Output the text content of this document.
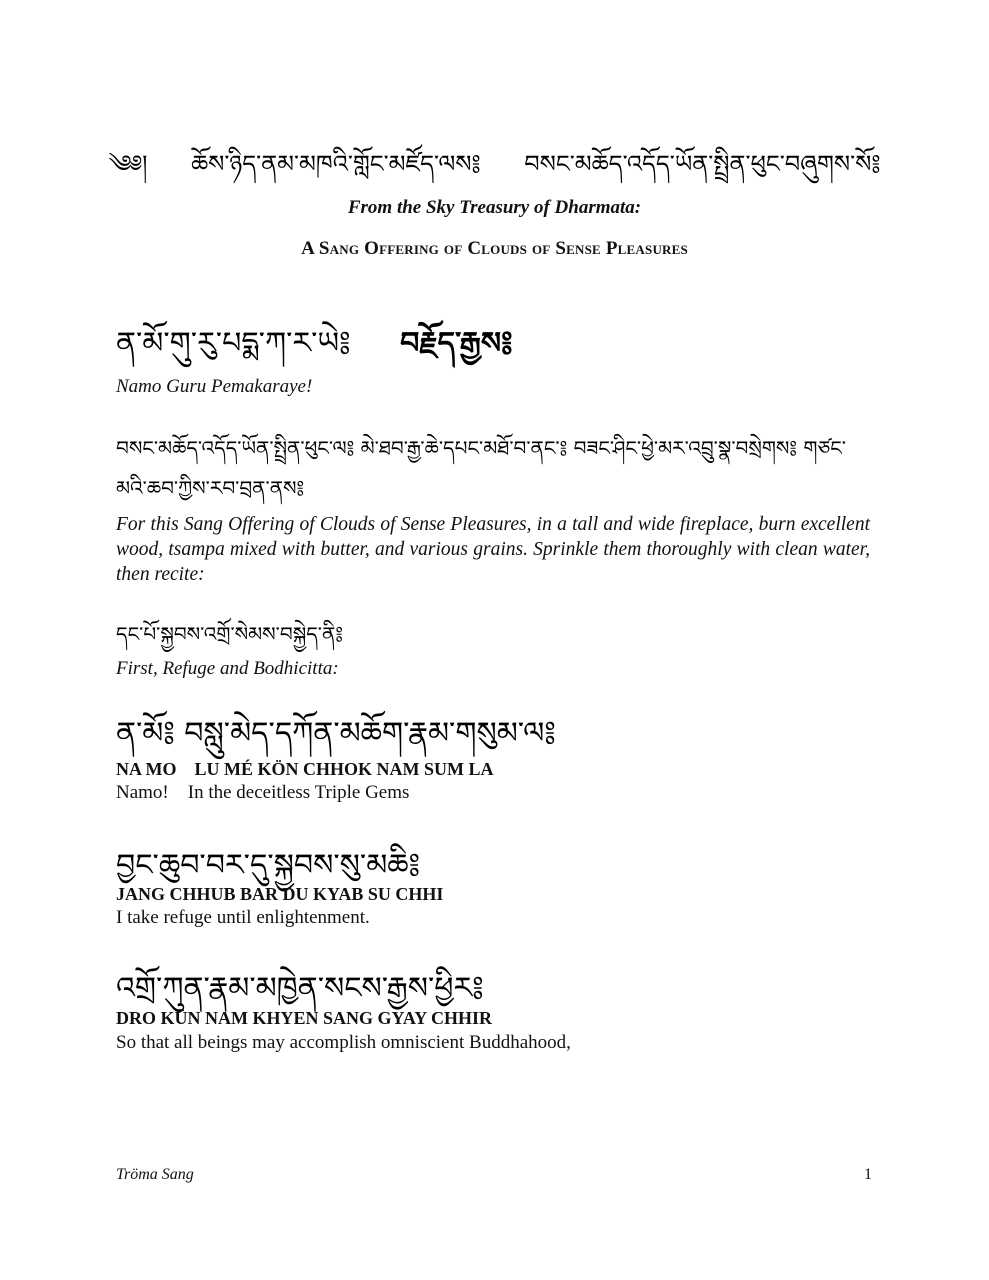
༄༅། ཆོས་ཉིད་ནམ་མཁའི་གློང་མཛོད་ལས༔ བསང་མཆོད་འདོད་ཡོན་སྤྲིན་ཕུང་བཞུགས་སོ༔
From the Sky Treasury of Dharmata:
A Sang Offering of Clouds of Sense Pleasures
ན་མོ་གུ་རུ་པདྨ་ཀ་ར་ཡེ༔ བརྗོད་རྒྱས༔
Namo Guru Pemakaraye!
བསང་མཆོད་འདོད་ཡོན་སྤྲིན་ཕུང་ལ༔ མེ་ཐབ་རྒྱ་ཆེ་དཔང་མཐོ་བ་ནང་༔ བཟང་ཤིང་ཕྱེ་མར་འབྲུ་སྣ་བསྲེགས༔ གཙང་མའི་ཆབ་ཀྱིས་རབ་བྲན་ནས༔
For this Sang Offering of Clouds of Sense Pleasures, in a tall and wide fireplace, burn excellent wood, tsampa mixed with butter, and various grains. Sprinkle them thoroughly with clean water, then recite:
དང་པོ་སྐྱབས་འགྲོ་སེམས་བསྐྱེད་ནི༔
First, Refuge and Bodhicitta:
ན་མོ༔ བསླུ་མེད་དཀོན་མཆོག་རྣམ་གསུམ་ལ༔
NA MO    LU MÉ KÖN CHHOK NAM SUM LA
Namo!    In the deceitless Triple Gems
བྱང་ཆུབ་བར་དུ་སྐྱབས་སུ་མཆི༔
JANG CHHUB BAR DU KYAB SU CHHI
I take refuge until enlightenment.
འགྲོ་ཀུན་རྣམ་མཁྱེན་སངས་རྒྱས་ཕྱིར༔
DRO KÜN NAM KHYEN SANG GYAY CHHIR
So that all beings may accomplish omniscient Buddhahood,
Tröma Sang	1
